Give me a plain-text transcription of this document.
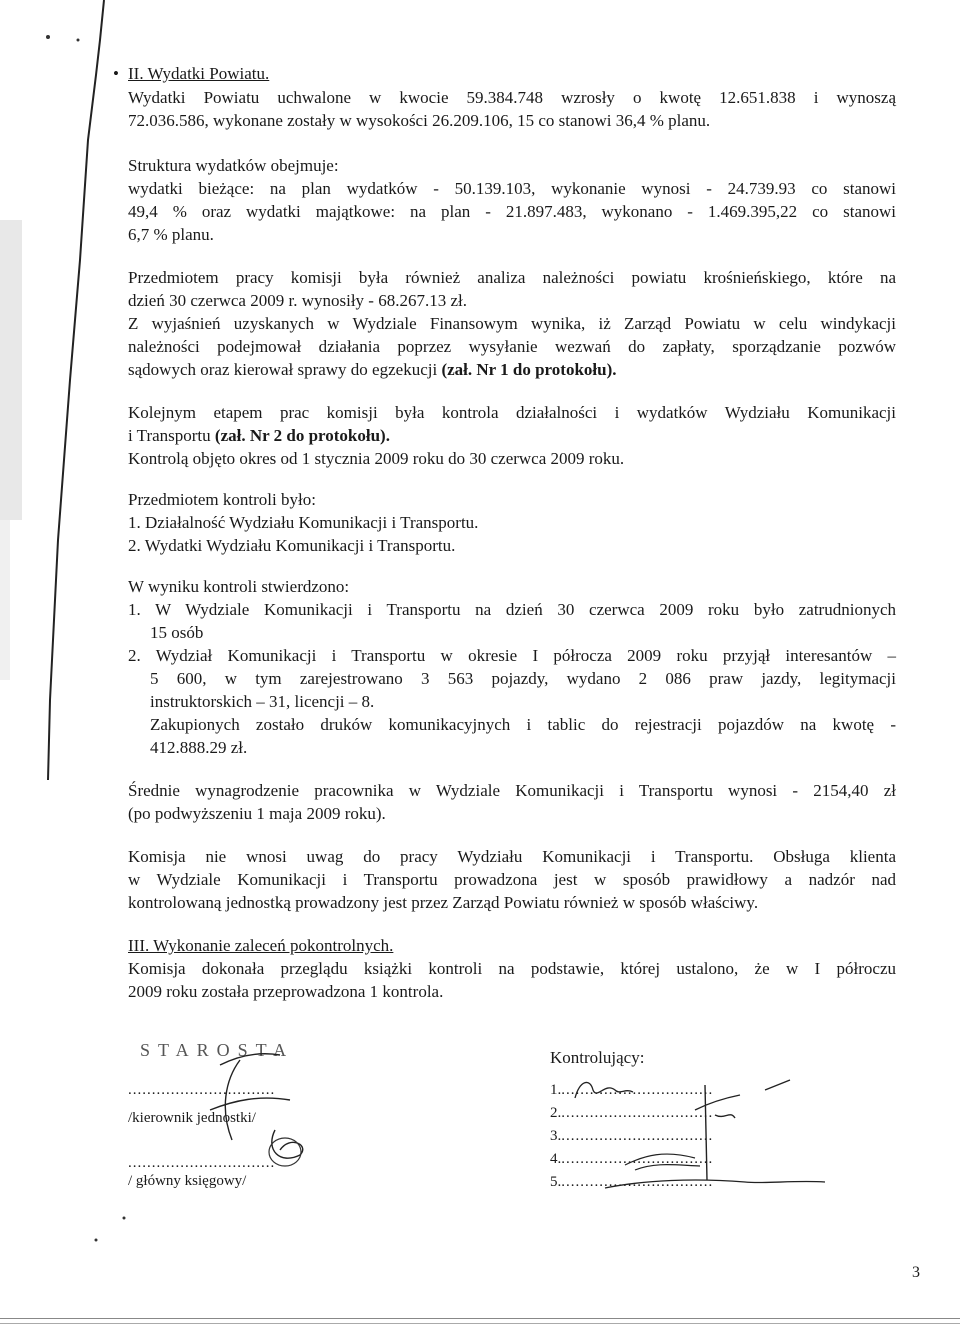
• II. Wydatki Powiatu.
Wydatki Powiatu uchwalone w kwocie 59.384.748 wzrosły o kwotę 12.651.838 i wynoszą
72.036.586, wykonane zostały w wysokości 26.209.106, 15 co stanowi 36,4 % planu.
Struktura wydatków obejmuje:
wydatki bieżące: na plan wydatków - 50.139.103, wykonanie wynosi - 24.739.93 co stanowi
49,4 % oraz wydatki majątkowe: na plan - 21.897.483, wykonano - 1.469.395,22 co stanowi
6,7 % planu.
Przedmiotem pracy komisji była również analiza należności powiatu krośnieńskiego, które na
dzień 30 czerwca 2009 r. wynosiły - 68.267.13 zł.
Z wyjaśnień uzyskanych w Wydziale Finansowym wynika, iż Zarząd Powiatu w celu windykacji
należności podejmował działania poprzez wysyłanie wezwań do zapłaty, sporządzanie pozwów
sądowych oraz kierował sprawy do egzekucji (zał. Nr 1 do protokołu).
Kolejnym etapem prac komisji była kontrola działalności i wydatków Wydziału Komunikacji
i Transportu (zał. Nr 2 do protokołu).
Kontrolą objęto okres od 1 stycznia 2009 roku do 30 czerwca 2009 roku.
Przedmiotem kontroli było:
1. Działalność Wydziału Komunikacji i Transportu.
2. Wydatki Wydziału Komunikacji i Transportu.
W wyniku kontroli stwierdzono:
1. W Wydziale Komunikacji i Transportu na dzień 30 czerwca 2009 roku było zatrudnionych
15 osób
2. Wydział Komunikacji i Transportu w okresie I półrocza 2009 roku przyjął interesantów –
5 600, w tym zarejestrowano 3 563 pojazdy, wydano 2 086 praw jazdy, legitymacji
instruktorskich – 31, licencji – 8.
Zakupionych zostało druków komunikacyjnych i tablic do rejestracji pojazdów na kwotę -
412.888.29 zł.
Średnie wynagrodzenie pracownika w Wydziale Komunikacji i Transportu wynosi - 2154,40 zł
(po podwyższeniu 1 maja 2009 roku).
Komisja nie wnosi uwag do pracy Wydziału Komunikacji i Transportu. Obsługa klienta
w Wydziale Komunikacji i Transportu prowadzona jest w sposób prawidłowy a nadzór nad
kontrolowaną jednostką prowadzony jest przez Zarząd Powiatu również w sposób właściwy.
III. Wykonanie zaleceń pokontrolnych.
Komisja dokonała przeglądu książki kontroli na podstawie, której ustalono, że w I półroczu
2009 roku została przeprowadzona 1 kontrola.
STAROSTA
...............................
/kierownik jednostki/
...............................
/ główny księgowy/
Kontrolujący:
1.................................
2.................................
3.................................
4.................................
5.................................
3
